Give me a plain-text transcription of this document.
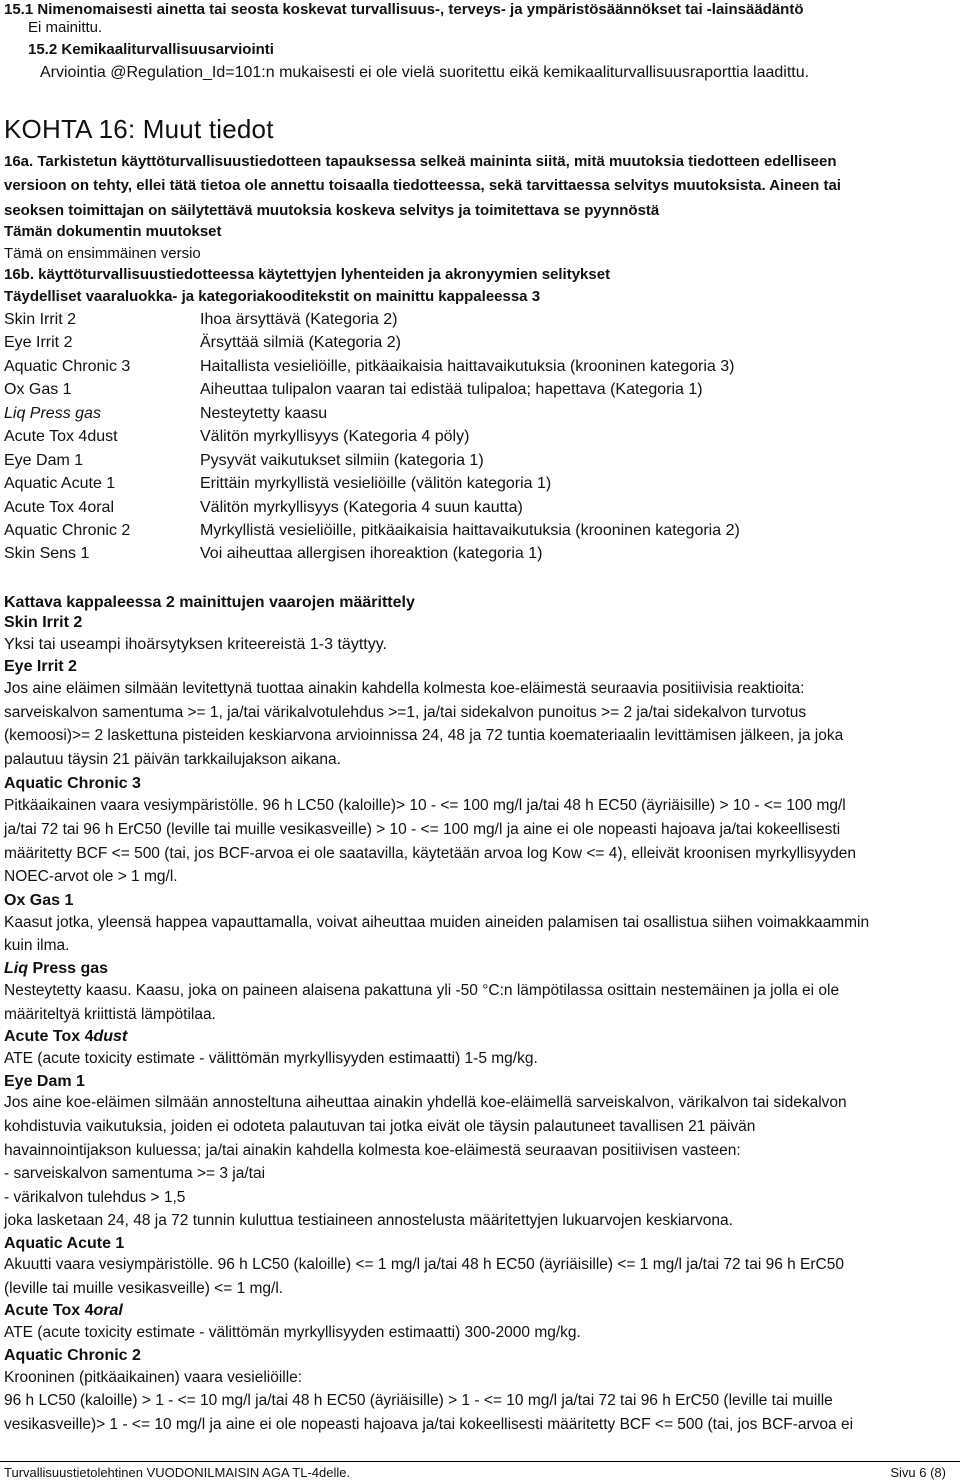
15.1 Nimenomaisesti ainetta tai seosta koskevat turvallisuus-, terveys- ja ympäristösäännökset tai -lainsäädäntö
Ei mainittu.
15.2 Kemikaaliturvallisuusarviointi
Arviointia @Regulation_Id=101:n mukaisesti ei ole vielä suoritettu eikä kemikaaliturvallisuusraporttia laadittu.
KOHTA 16: Muut tiedot
16a. Tarkistetun käyttöturvallisuustiedotteen tapauksessa selkeä maininta siitä, mitä muutoksia tiedotteen edelliseen
versioon on tehty, ellei tätä tietoa ole annettu toisaalla tiedotteessa, sekä tarvittaessa selvitys muutoksista. Aineen tai
seoksen toimittajan on säilytettävä muutoksia koskeva selvitys ja toimitettava se pyynnöstä
Tämän dokumentin muutokset
Tämä on ensimmäinen versio
16b. käyttöturvallisuustiedotteessa käytettyjen lyhenteiden ja akronyymien selitykset
Täydelliset vaaraluokka- ja kategoriakooditekstit on mainittu kappaleessa 3
Skin Irrit 2	Ihoa ärsyttävä (Kategoria 2)
Eye Irrit 2	Ärsyttää silmiä (Kategoria 2)
Aquatic Chronic 3	Haitallista vesieliöille, pitkäaikaisia haittavaikutuksia (krooninen kategoria 3)
Ox Gas 1	Aiheuttaa tulipalon vaaran tai edistää tulipaloa; hapettava (Kategoria 1)
Liq Press gas	Nesteytetty kaasu
Acute Tox 4dust	Välitön myrkyllisyys (Kategoria 4 pöly)
Eye Dam 1	Pysyvät vaikutukset silmiin (kategoria 1)
Aquatic Acute 1	Erittäin myrkyllistä vesieliöille (välitön kategoria 1)
Acute Tox 4oral	Välitön myrkyllisyys (Kategoria 4 suun kautta)
Aquatic Chronic 2	Myrkyllistä vesieliöille, pitkäaikaisia haittavaikutuksia (krooninen kategoria 2)
Skin Sens 1	Voi aiheuttaa allergisen ihoreaktion (kategoria 1)
Kattava kappaleessa 2 mainittujen vaarojen määrittely
Skin Irrit 2
Yksi tai useampi ihoärsytyksen kriteereistä 1-3 täyttyy.
Eye Irrit 2
Jos aine eläimen silmään levitettynä tuottaa ainakin kahdella kolmesta koe-eläimestä seuraavia positiivisia reaktioita:
sarveiskalvon samentuma >= 1, ja/tai värikalvotulehdus >=1, ja/tai sidekalvon punoitus >= 2 ja/tai sidekalvon turvotus
(kemoosi)>= 2 laskettuna pisteiden keskiarvona arvioinnissa 24, 48 ja 72 tuntia koemateriaalin levittämisen jälkeen, ja joka
palautuu täysin 21 päivän tarkkailujakson aikana.
Aquatic Chronic 3
Pitkäaikainen vaara vesiympäristölle. 96 h LC50 (kaloille)> 10 - <= 100 mg/l ja/tai 48 h EC50 (äyriäisille) > 10 - <= 100 mg/l
ja/tai 72 tai 96 h ErC50 (leville tai muille vesikasveille) > 10 - <= 100 mg/l ja aine ei ole nopeasti hajoava ja/tai kokeellisesti
määritetty BCF <= 500 (tai, jos BCF-arvoa ei ole saatavilla, käytetään arvoa log Kow <= 4), elleivät kroonisen myrkyllisyyden
NOEC-arvot ole > 1 mg/l.
Ox Gas 1
Kaasut jotka, yleensä happea vapauttamalla, voivat aiheuttaa muiden aineiden palamisen tai osallistua siihen voimakkaammin
kuin ilma.
Liq Press gas
Nesteytetty kaasu. Kaasu, joka on paineen alaisena pakattuna yli -50 °C:n lämpötilassa osittain nestemäinen ja jolla ei ole
määriteltyä kriittistä lämpötilaa.
Acute Tox 4dust
ATE (acute toxicity estimate - välittömän myrkyllisyyden estimaatti) 1-5 mg/kg.
Eye Dam 1
Jos aine koe-eläimen silmään annosteltuna aiheuttaa ainakin yhdellä koe-eläimellä sarveiskalvon, värikalvon tai sidekalvon
kohdistuvia vaikutuksia, joiden ei odoteta palautuvan tai jotka eivät ole täysin palautuneet tavallisen 21 päivän
havainnointijakson kuluessa; ja/tai ainakin kahdella kolmesta koe-eläimestä seuraavan positiivisen vasteen:
- sarveiskalvon samentuma >= 3 ja/tai
- värikalvon tulehdus > 1,5
joka lasketaan 24, 48 ja 72 tunnin kuluttua testiaineen annostelusta määritettyjen lukuarvojen keskiarvona.
Aquatic Acute 1
Akuutti vaara vesiympäristölle. 96 h LC50 (kaloille) <= 1 mg/l ja/tai 48 h EC50 (äyriäisille) <= 1 mg/l ja/tai 72 tai 96 h ErC50
(leville tai muille vesikasveille) <= 1 mg/l.
Acute Tox 4oral
ATE (acute toxicity estimate - välittömän myrkyllisyyden estimaatti) 300-2000 mg/kg.
Aquatic Chronic 2
Krooninen (pitkäaikainen) vaara vesieliöille:
96 h LC50 (kaloille) > 1 - <= 10 mg/l ja/tai 48 h EC50 (äyriäisille) > 1 - <= 10 mg/l ja/tai 72 tai 96 h ErC50 (leville tai muille
vesikasveille)> 1 - <= 10 mg/l ja aine ei ole nopeasti hajoava ja/tai kokeellisesti määritetty BCF <= 500 (tai, jos BCF-arvoa ei
Turvallisuustietolehtinen VUODONILMAISIN AGA TL-4delle.	Sivu 6 (8)
